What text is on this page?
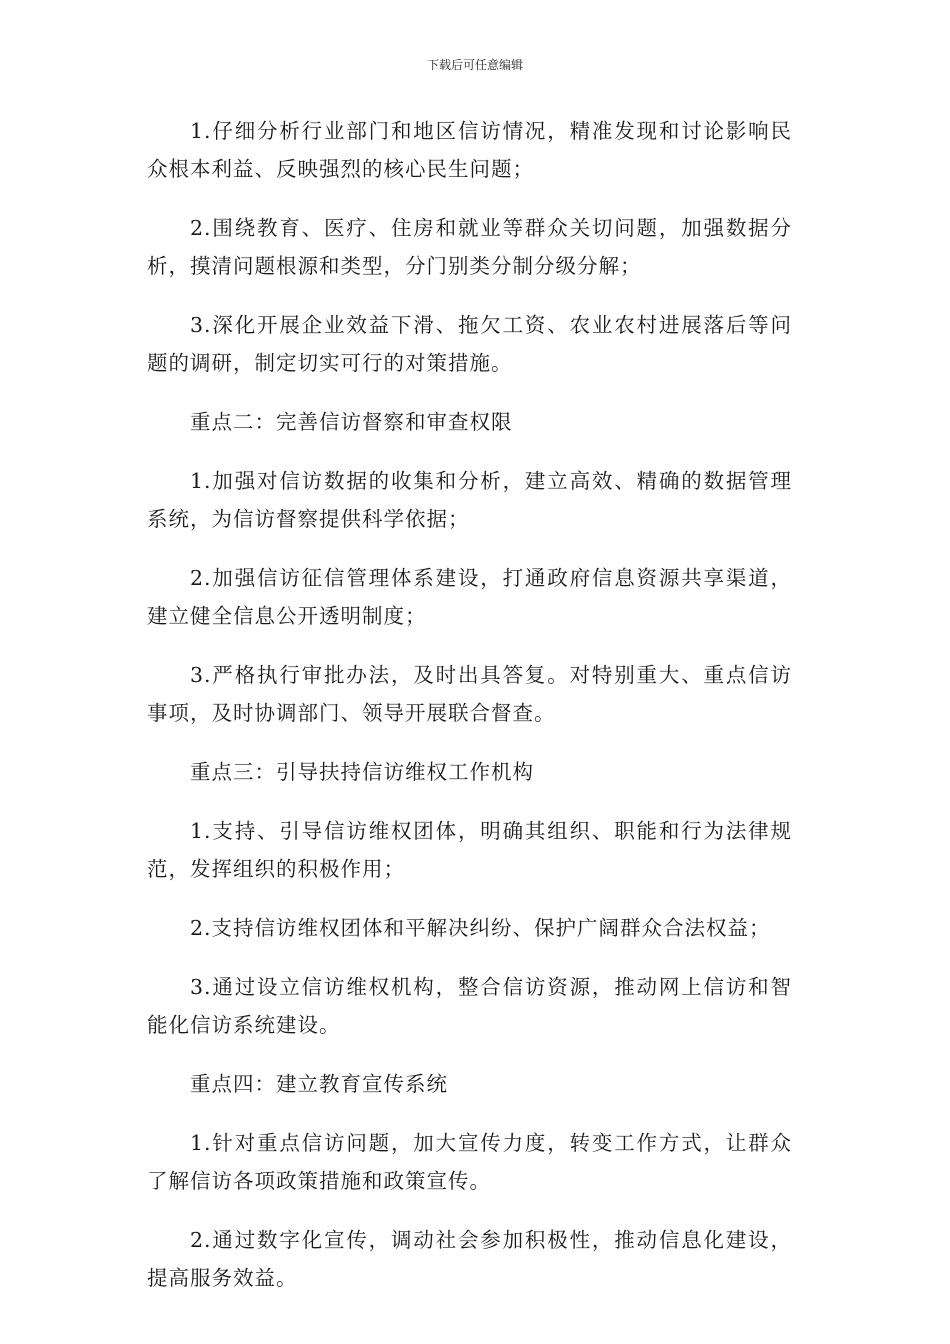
下载后可任意编辑

1.仔细分析行业部门和地区信访情况，精准发现和讨论影响民众根本利益、反映强烈的核心民生问题；

2.围绕教育、医疗、住房和就业等群众关切问题，加强数据分析，摸清问题根源和类型，分门别类分制分级分解；

3.深化开展企业效益下滑、拖欠工资、农业农村进展落后等问题的调研，制定切实可行的对策措施。

重点二：完善信访督察和审查权限

1.加强对信访数据的收集和分析，建立高效、精确的数据管理系统，为信访督察提供科学依据；

2.加强信访征信管理体系建设，打通政府信息资源共享渠道，建立健全信息公开透明制度；

3.严格执行审批办法，及时出具答复。对特别重大、重点信访事项，及时协调部门、领导开展联合督查。

重点三：引导扶持信访维权工作机构

1.支持、引导信访维权团体，明确其组织、职能和行为法律规范，发挥组织的积极作用；

2.支持信访维权团体和平解决纠纷、保护广阔群众合法权益；

3.通过设立信访维权机构，整合信访资源，推动网上信访和智能化信访系统建设。

重点四：建立教育宣传系统

1.针对重点信访问题，加大宣传力度，转变工作方式，让群众了解信访各项政策措施和政策宣传。

2.通过数字化宣传，调动社会参加积极性，推动信息化建设，提高服务效益。
